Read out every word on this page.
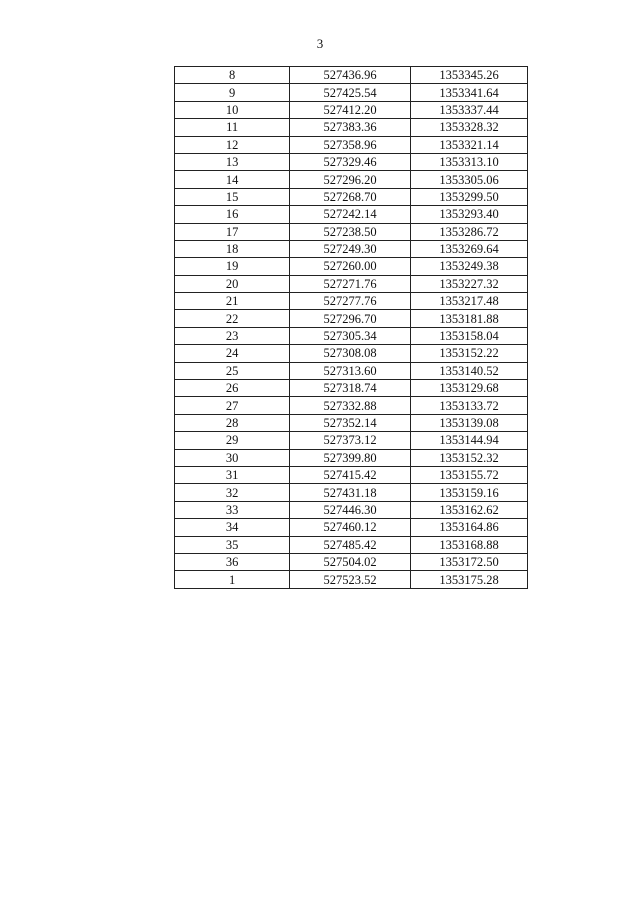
3
8	527436.96	1353345.26
9	527425.54	1353341.64
10	527412.20	1353337.44
11	527383.36	1353328.32
12	527358.96	1353321.14
13	527329.46	1353313.10
14	527296.20	1353305.06
15	527268.70	1353299.50
16	527242.14	1353293.40
17	527238.50	1353286.72
18	527249.30	1353269.64
19	527260.00	1353249.38
20	527271.76	1353227.32
21	527277.76	1353217.48
22	527296.70	1353181.88
23	527305.34	1353158.04
24	527308.08	1353152.22
25	527313.60	1353140.52
26	527318.74	1353129.68
27	527332.88	1353133.72
28	527352.14	1353139.08
29	527373.12	1353144.94
30	527399.80	1353152.32
31	527415.42	1353155.72
32	527431.18	1353159.16
33	527446.30	1353162.62
34	527460.12	1353164.86
35	527485.42	1353168.88
36	527504.02	1353172.50
1	527523.52	1353175.28
